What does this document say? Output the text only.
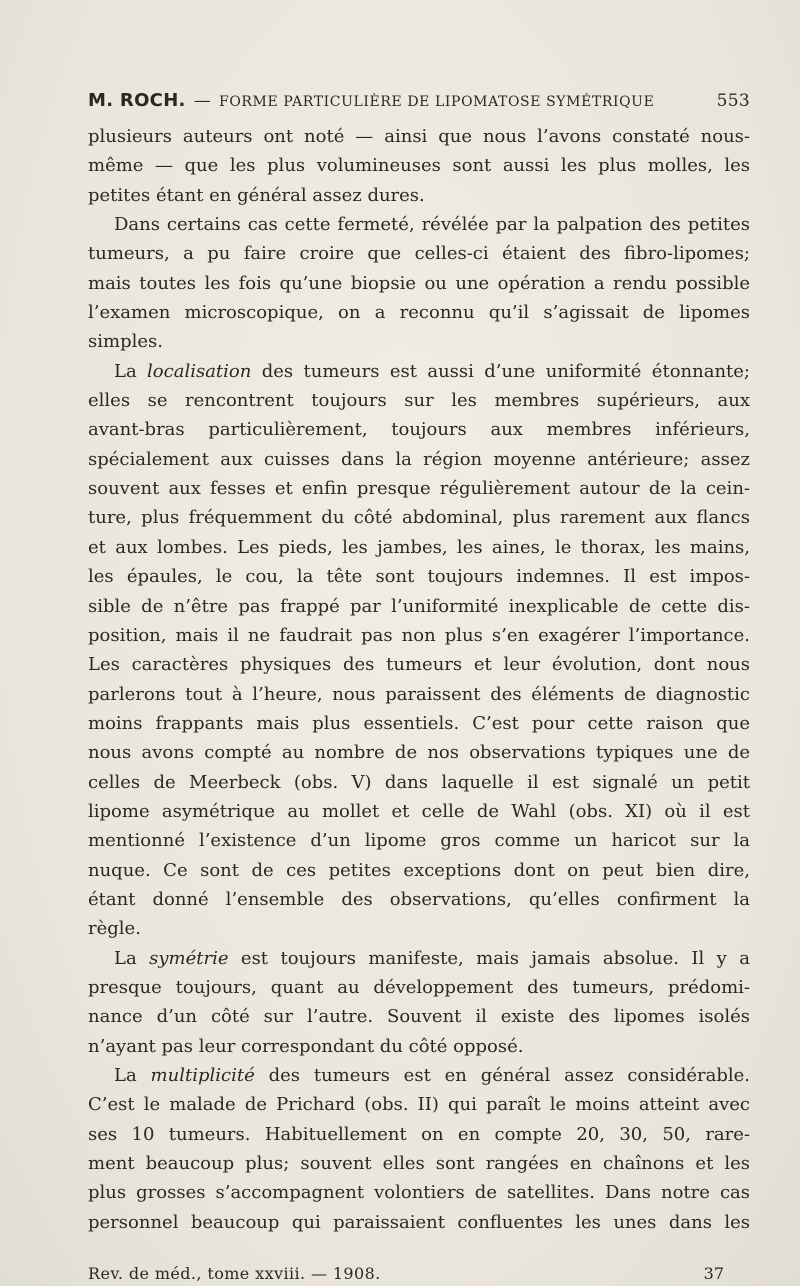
M. ROCH. — FORME PARTICULIÈRE DE LIPOMATOSE SYMÉTRIQUE	553
plusieurs auteurs ont noté — ainsi que nous l’avons constaté nous-
même — que les plus volumineuses sont aussi les plus molles, les
petites étant en général assez dures.
Dans certains cas cette fermeté, révélée par la palpation des petites
tumeurs, a pu faire croire que celles-ci étaient des fibro-lipomes;
mais toutes les fois qu’une biopsie ou une opération a rendu possible
l’examen microscopique, on a reconnu qu’il s’agissait de lipomes
simples.
La localisation des tumeurs est aussi d’une uniformité étonnante;
elles se rencontrent toujours sur les membres supérieurs, aux
avant-bras particulièrement, toujours aux membres inférieurs,
spécialement aux cuisses dans la région moyenne antérieure; assez
souvent aux fesses et enfin presque régulièrement autour de la cein-
ture, plus fréquemment du côté abdominal, plus rarement aux flancs
et aux lombes. Les pieds, les jambes, les aines, le thorax, les mains,
les épaules, le cou, la tête sont toujours indemnes. Il est impos-
sible de n’être pas frappé par l’uniformité inexplicable de cette dis-
position, mais il ne faudrait pas non plus s’en exagérer l’importance.
Les caractères physiques des tumeurs et leur évolution, dont nous
parlerons tout à l’heure, nous paraissent des éléments de diagnostic
moins frappants mais plus essentiels. C’est pour cette raison que
nous avons compté au nombre de nos observations typiques une de
celles de Meerbeck (obs. V) dans laquelle il est signalé un petit
lipome asymétrique au mollet et celle de Wahl (obs. XI) où il est
mentionné l’existence d’un lipome gros comme un haricot sur la
nuque. Ce sont de ces petites exceptions dont on peut bien dire,
étant donné l’ensemble des observations, qu’elles confirment la
règle.
La symétrie est toujours manifeste, mais jamais absolue. Il y a
presque toujours, quant au développement des tumeurs, prédomi-
nance d’un côté sur l’autre. Souvent il existe des lipomes isolés
n’ayant pas leur correspondant du côté opposé.
La multiplicité des tumeurs est en général assez considérable.
C’est le malade de Prichard (obs. II) qui paraît le moins atteint avec
ses 10 tumeurs. Habituellement on en compte 20, 30, 50, rare-
ment beaucoup plus; souvent elles sont rangées en chaînons et les
plus grosses s’accompagnent volontiers de satellites. Dans notre cas
personnel beaucoup qui paraissaient confluentes les unes dans les
Rev. de méd., tome xxviii. — 1908.	37
